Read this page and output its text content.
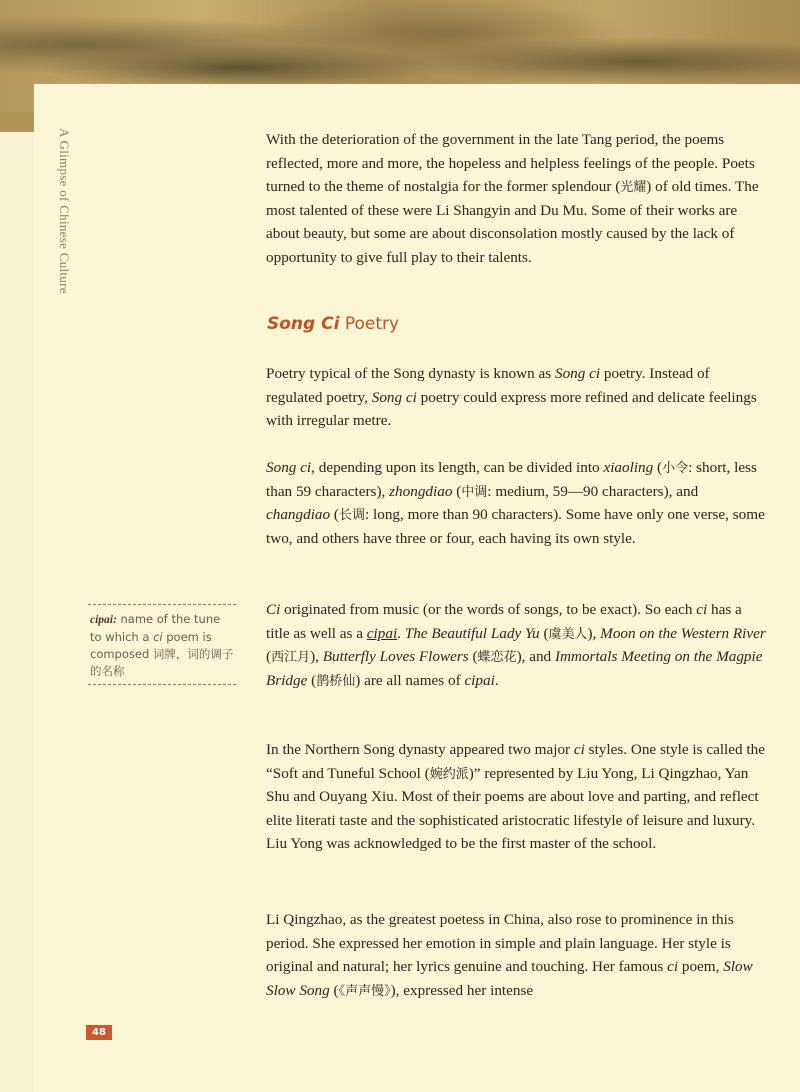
A Glimpse of Chinese Culture	With the deterioration of the government in the late Tang period, the poems reflected, more and more, the hopeless and helpless feelings of the people. Poets turned to the theme of nostalgia for the former splendour (光耀) of old times. The most talented of these were Li Shangyin and Du Mu. Some of their works are about beauty, but some are about disconsolation mostly caused by the lack of opportunity to give full play to their talents.

Song Ci Poetry

Poetry typical of the Song dynasty is known as Song ci poetry. Instead of regulated poetry, Song ci poetry could express more refined and delicate feelings with irregular metre.

Song ci, depending upon its length, can be divided into xiaoling (小令: short, less than 59 characters), zhongdiao (中调: medium, 59—90 characters), and changdiao (长调: long, more than 90 characters). Some have only one verse, some two, and others have three or four, each having its own style.

cipai: name of the tune to which a ci poem is composed 词牌，词的调子的名称

Ci originated from music (or the words of songs, to be exact). So each ci has a title as well as a cipai. The Beautiful Lady Yu (虞美人), Moon on the Western River (西江月), Butterfly Loves Flowers (蝶恋花), and Immortals Meeting on the Magpie Bridge (鹊桥仙) are all names of cipai.

In the Northern Song dynasty appeared two major ci styles. One style is called the “Soft and Tuneful School (婉约派)” represented by Liu Yong, Li Qingzhao, Yan Shu and Ouyang Xiu. Most of their poems are about love and parting, and reflect elite literati taste and the sophisticated aristocratic lifestyle of leisure and luxury. Liu Yong was acknowledged to be the first master of the school.

Li Qingzhao, as the greatest poetess in China, also rose to prominence in this period. She expressed her emotion in simple and plain language. Her style is original and natural; her lyrics genuine and touching. Her famous ci poem, Slow Slow Song (《声声慢》), expressed her intense

48
